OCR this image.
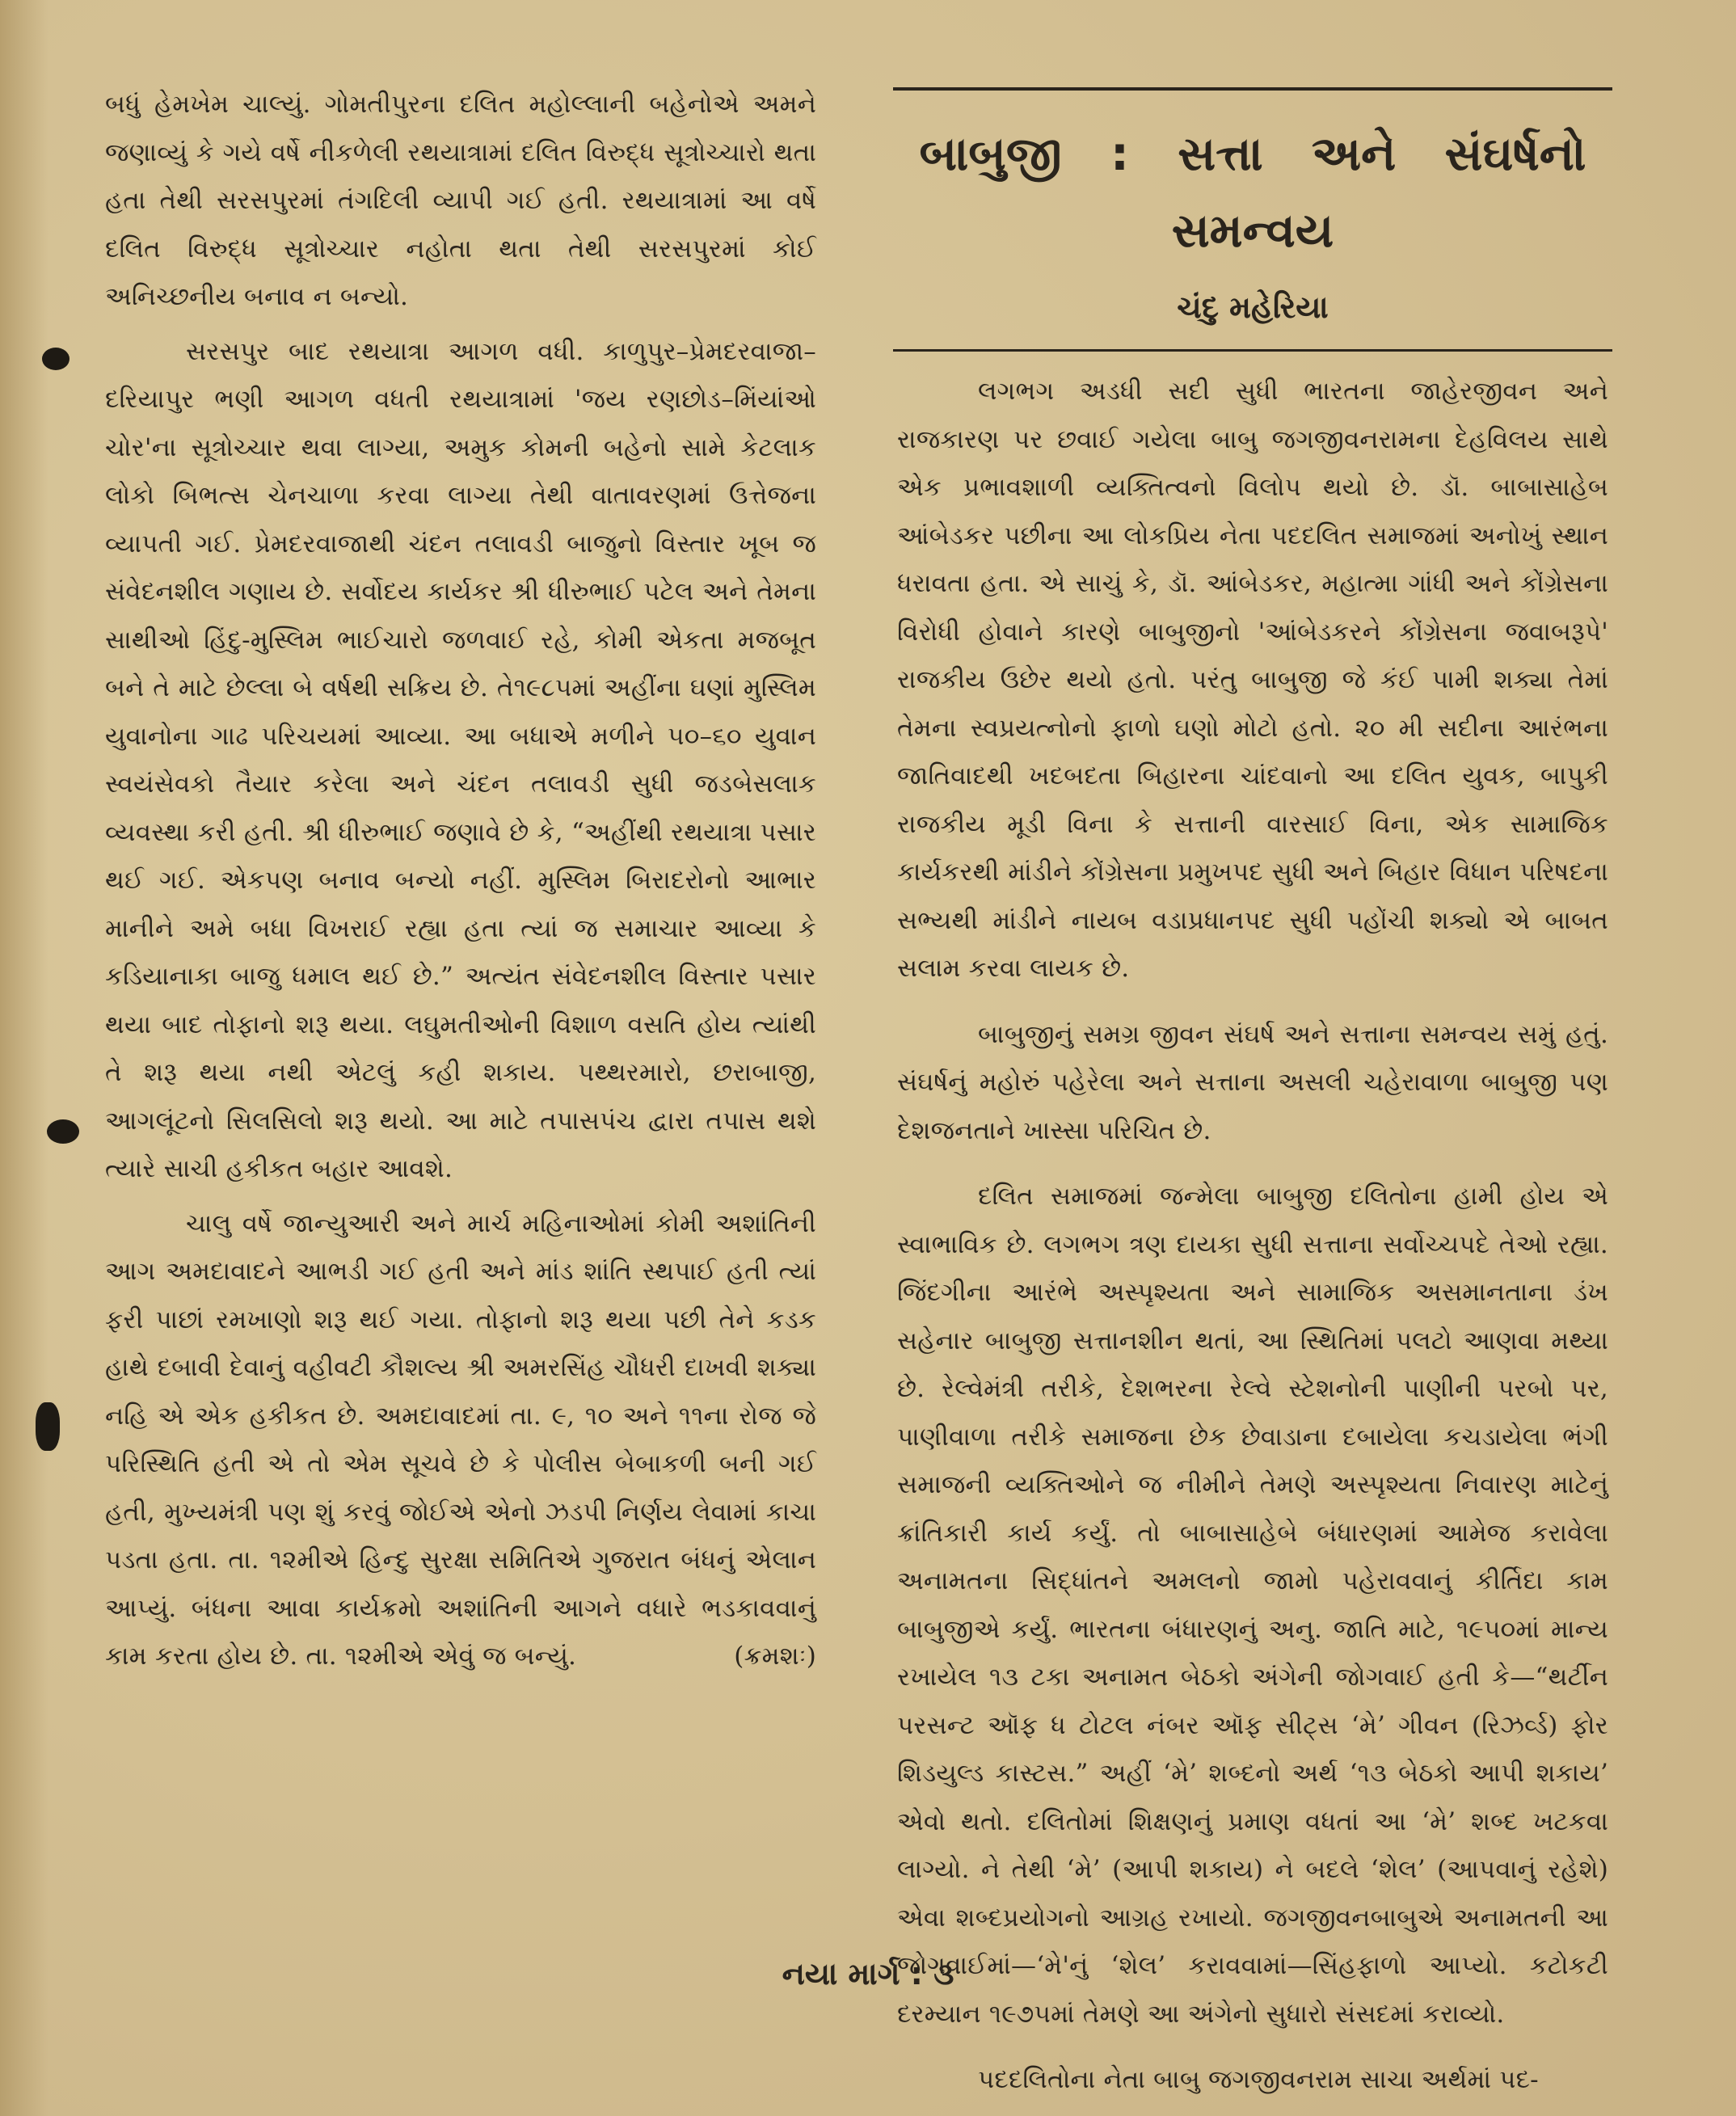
બધું હેમખેમ ચાલ્યું. ગોમતીપુરના દલિત મહોલ્લાની બહેનોએ અમને જણાવ્યું કે ગયે વર્ષે નીકળેલી રથયાત્રામાં દલિત વિરુદ્ધ સૂત્રોચ્ચારો થતા હતા તેથી સરસપુરમાં તંગદિલી વ્યાપી ગઈ હતી. રથયાત્રામાં આ વર્ષે દલિત વિરુદ્ધ સૂત્રોચ્ચાર નહોતા થતા તેથી સરસપુરમાં કોઈ અનિચ્છનીય બનાવ ન બન્યો.

સરસપુર બાદ રથયાત્રા આગળ વધી. કાળુપુર–પ્રેમદરવાજા–દરિયાપુર ભણી આગળ વધતી રથયાત્રામાં 'જય રણછોડ–મિંયાંઓ ચોર'ના સૂત્રોચ્ચાર થવા લાગ્યા, અમુક કોમની બહેનો સામે કેટલાક લોકો બિભત્સ ચેનચાળા કરવા લાગ્યા તેથી વાતાવરણમાં ઉત્તેજના વ્યાપતી ગઈ. પ્રેમદરવાજાથી ચંદન તલાવડી બાજુનો વિસ્તાર ખૂબ જ સંવેદનશીલ ગણાય છે. સર્વોદય કાર્યકર શ્રી ધીરુભાઈ પટેલ અને તેમના સાથીઓ હિંદુ-મુસ્લિમ ભાઈચારો જળવાઈ રહે, કોમી એકતા મજબૂત બને તે માટે છેલ્લા બે વર્ષથી સક્રિય છે. તે૧૯૮૫માં અહીંના ઘણાં મુસ્લિમ યુવાનોના ગાઢ પરિચયમાં આવ્યા. આ બધાએ મળીને ૫૦–૬૦ યુવાન સ્વયંસેવકો તૈયાર કરેલા અને ચંદન તલાવડી સુધી જડબેસલાક વ્યવસ્થા કરી હતી. શ્રી ધીરુભાઈ જણાવે છે કે, “અહીંથી રથયાત્રા પસાર થઈ ગઈ. એકપણ બનાવ બન્યો નહીં. મુસ્લિમ બિરાદરોનો આભાર માનીને અમે બધા વિખરાઈ રહ્યા હતા ત્યાં જ સમાચાર આવ્યા કે કડિયાનાકા બાજુ ધમાલ થઈ છે.” અત્યંત સંવેદનશીલ વિસ્તાર પસાર થયા બાદ તોફાનો શરૂ થયા. લઘુમતીઓની વિશાળ વસતિ હોય ત્યાંથી તે શરૂ થયા નથી એટલું કહી શકાય. પથ્થરમારો, છરાબાજી, આગલૂંટનો સિલસિલો શરૂ થયો. આ માટે તપાસપંચ દ્વારા તપાસ થશે ત્યારે સાચી હકીકત બહાર આવશે.

ચાલુ વર્ષે જાન્યુઆરી અને માર્ચ મહિનાઓમાં કોમી અશાંતિની આગ અમદાવાદને આભડી ગઈ હતી અને માંડ શાંતિ સ્થપાઈ હતી ત્યાં ફરી પાછાં રમખાણો શરૂ થઈ ગયા. તોફાનો શરૂ થયા પછી તેને કડક હાથે દબાવી દેવાનું વહીવટી કૌશલ્ય શ્રી અમરસિંહ ચૌધરી દાખવી શક્યા નહિ એ એક હકીકત છે. અમદાવાદમાં તા. ૯, ૧૦ અને ૧૧ના રોજ જે પરિસ્થિતિ હતી એ તો એમ સૂચવે છે કે પોલીસ બેબાકળી બની ગઈ હતી, મુખ્યમંત્રી પણ શું કરવું જોઈએ એનો ઝડપી નિર્ણય લેવામાં કાચા પડતા હતા. તા. ૧૨મીએ હિન્દુ સુરક્ષા સમિતિએ ગુજરાત બંધનું એલાન આપ્યું. બંધના આવા કાર્યક્રમો અશાંતિની આગને વધારે ભડકાવવાનું કામ કરતા હોય છે. તા. ૧૨મીએ એવું જ બન્યું.	(ક્રમશઃ)

બાબુજી : સત્તા અને સંઘર્ષનો
સમન્વય
ચંદુ મહેરિયા

લગભગ અડધી સદી સુધી ભારતના જાહેરજીવન અને રાજકારણ પર છવાઈ ગયેલા બાબુ જગજીવનરામના દેહવિલય સાથે એક પ્રભાવશાળી વ્યક્તિત્વનો વિલોપ થયો છે. ડૉ. બાબાસાહેબ આંબેડકર પછીના આ લોકપ્રિય નેતા પદદલિત સમાજમાં અનોખું સ્થાન ધરાવતા હતા. એ સાચું કે, ડૉ. આંબેડકર, મહાત્મા ગાંધી અને કોંગ્રેસના વિરોધી હોવાને કારણે બાબુજીનો 'આંબેડકરને કોંગ્રેસના જવાબરૂપે' રાજકીય ઉછેર થયો હતો. પરંતુ બાબુજી જે કંઈ પામી શક્યા તેમાં તેમના સ્વપ્રયત્નોનો ફાળો ઘણો મોટો હતો. ૨૦ મી સદીના આરંભના જાતિવાદથી ખદબદતા બિહારના ચાંદવાનો આ દલિત યુવક, બાપુકી રાજકીય મૂડી વિના કે સત્તાની વારસાઈ વિના, એક સામાજિક કાર્યકરથી માંડીને કોંગ્રેસના પ્રમુખપદ સુધી અને બિહાર વિધાન પરિષદના સભ્યથી માંડીને નાયબ વડાપ્રધાનપદ સુધી પહોંચી શક્યો એ બાબત સલામ કરવા લાયક છે.

બાબુજીનું સમગ્ર જીવન સંઘર્ષ અને સત્તાના સમન્વય સમું હતું. સંઘર્ષનું મહોરું પહેરેલા અને સત્તાના અસલી ચહેરાવાળા બાબુજી પણ દેશજનતાને ખાસ્સા પરિચિત છે.

દલિત સમાજમાં જન્મેલા બાબુજી દલિતોના હામી હોય એ સ્વાભાવિક છે. લગભગ ત્રણ દાયકા સુધી સત્તાના સર્વોચ્ચપદે તેઓ રહ્યા. જિંદગીના આરંભે અસ્પૃશ્યતા અને સામાજિક અસમાનતાના ડંખ સહેનાર બાબુજી સત્તાનશીન થતાં, આ સ્થિતિમાં પલટો આણવા મથ્યા છે. રેલ્વેમંત્રી તરીકે, દેશભરના રેલ્વે સ્ટેશનોની પાણીની પરબો પર, પાણીવાળા તરીકે સમાજના છેક છેવાડાના દબાયેલા કચડાયેલા ભંગી સમાજની વ્યક્તિઓને જ નીમીને તેમણે અસ્પૃશ્યતા નિવારણ માટેનું ક્રાંતિકારી કાર્ય કર્યું. તો બાબાસાહેબે બંધારણમાં આમેજ કરાવેલા અનામતના સિદ્ધાંતને અમલનો જામો પહેરાવવાનું કીર્તિદા કામ બાબુજીએ કર્યું. ભારતના બંધારણનું અનુ. જાતિ માટે, ૧૯૫૦માં માન્ય રખાયેલ ૧૩ ટકા અનામત બેઠકો અંગેની જોગવાઈ હતી કે—“થર્ટીન પરસન્ટ ઑફ ધ ટોટલ નંબર ઑફ સીટ્સ ‘મે’ ગીવન (રિઝર્વ્ડ) ફોર શિડયુલ્ડ કાસ્ટસ.” અહીં ‘મે’ શબ્દનો અર્થ ‘૧૩ બેઠકો આપી શકાય’ એવો થતો. દલિતોમાં શિક્ષણનું પ્રમાણ વધતાં આ ‘મે’ શબ્દ ખટકવા લાગ્યો. ને તેથી ‘મે’ (આપી શકાય) ને બદલે ‘શેલ’ (આપવાનું રહેશે) એવા શબ્દપ્રયોગનો આગ્રહ રખાયો. જગજીવનબાબુએ અનામતની આ જોગવાઈમાં—‘મે'નું ‘શેલ’ કરાવવામાં—સિંહફાળો આપ્યો. કટોકટી દરમ્યાન ૧૯૭૫માં તેમણે આ અંગેનો સુધારો સંસદમાં કરાવ્યો.

પદદલિતોના નેતા બાબુ જગજીવનરામ સાચા અર્થમાં પદ-

નયા માર્ગ : ૩
